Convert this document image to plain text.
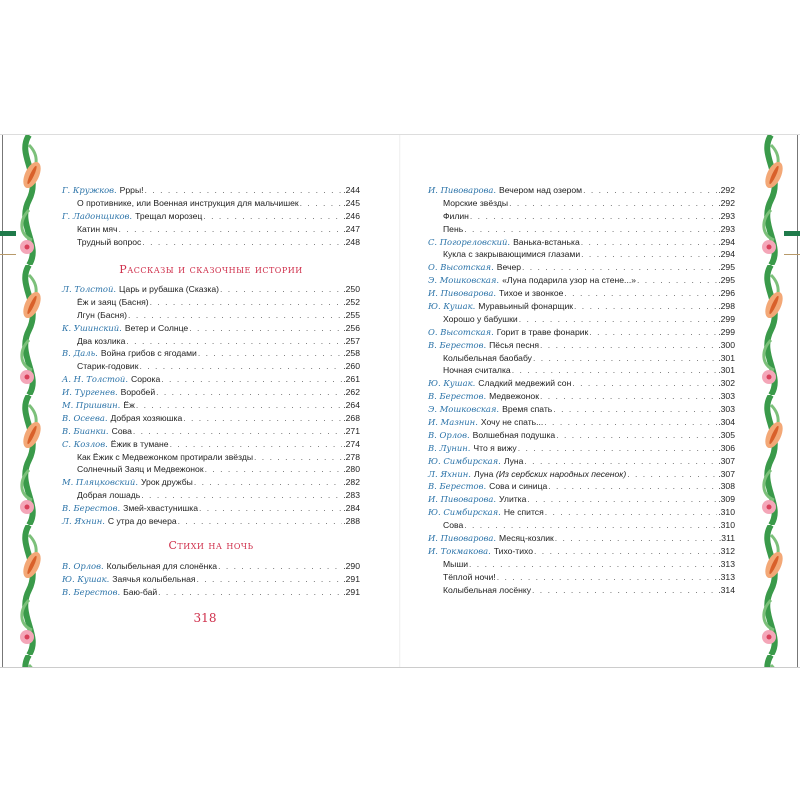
Г. Кружков. Ррры! . . .	.244
О противнике, или Военная инструкция для мальчишек . . .	.245
Г. Ладонщиков. Трещал морозец . . .	.246
Катин мяч . . .	.247
Трудный вопрос . . .	.248
Рассказы и сказочные истории
Л. Толстой. Царь и рубашка (Сказка) . . .	.250
Ёж и заяц (Басня) . . .	.252
Лгун (Басня) . . .	.255
К. Ушинский. Ветер и Солнце . . .	.256
Два козлика . . .	.257
В. Даль. Война грибов с ягодами . . .	.258
Старик-годовик . . .	.260
А. Н. Толстой. Сорока . . .	.261
И. Тургенев. Воробей . . .	.262
М. Пришвин. Ёж . . .	.264
В. Осеева. Добрая хозяюшка . . .	.268
В. Бианки. Сова . . .	.271
С. Козлов. Ёжик в тумане . . .	.274
Как Ёжик с Медвежонком протирали звёзды . . .	.278
Солнечный Заяц и Медвежонок . . .	.280
М. Пляцковский. Урок дружбы . . .	.282
Добрая лошадь . . .	.283
В. Берестов. Змей-хвастунишка . . .	.284
Л. Яхнин. С утра до вечера . . .	.288
Стихи на ночь
В. Орлов. Колыбельная для слонёнка . . .	.290
Ю. Кушак. Заячья колыбельная . . .	.291
В. Берестов. Баю-бай . . .	.291
318
И. Пивоварова. Вечером над озером . . .	.292
Морские звёзды . . .	.292
Филин . . .	.293
Пень . . .	.293
С. Погореловский. Ванька-встанька . . .	.294
Кукла с закрывающимися глазами . . .	.294
О. Высотская. Вечер . . .	.295
Э. Мошковская. «Луна подарила узор на стене...» . . .	.295
И. Пивоварова. Тихое и звонкое . . .	.296
Ю. Кушак. Муравьиный фонарщик . . .	.298
Хорошо у бабушки . . .	.299
О. Высотская. Горит в траве фонарик . . .	.299
В. Берестов. Пёсья песня . . .	.300
Колыбельная баобабу . . .	.301
Ночная считалка . . .	.301
Ю. Кушак. Сладкий медвежий сон . . .	.302
В. Берестов. Медвежонок . . .	.303
Э. Мошковская. Время спать . . .	.303
И. Мазнин. Хочу не спать... . . .	.304
В. Орлов. Волшебная подушка . . .	.305
В. Лунин. Что я вижу . . .	.306
Ю. Симбирская. Луна . . .	.307
Л. Яхнин. Луна (Из сербских народных песенок) . . .	.307
В. Берестов. Сова и синица . . .	.308
И. Пивоварова. Улитка . . .	.309
Ю. Симбирская. Не спится . . .	.310
Сова . . .	.310
И. Пивоварова. Месяц-козлик . . .	.311
И. Токмакова. Тихо-тихо . . .	.312
Мыши . . .	.313
Тёплой ночи! . . .	.313
Колыбельная лосёнку . . .	.314
